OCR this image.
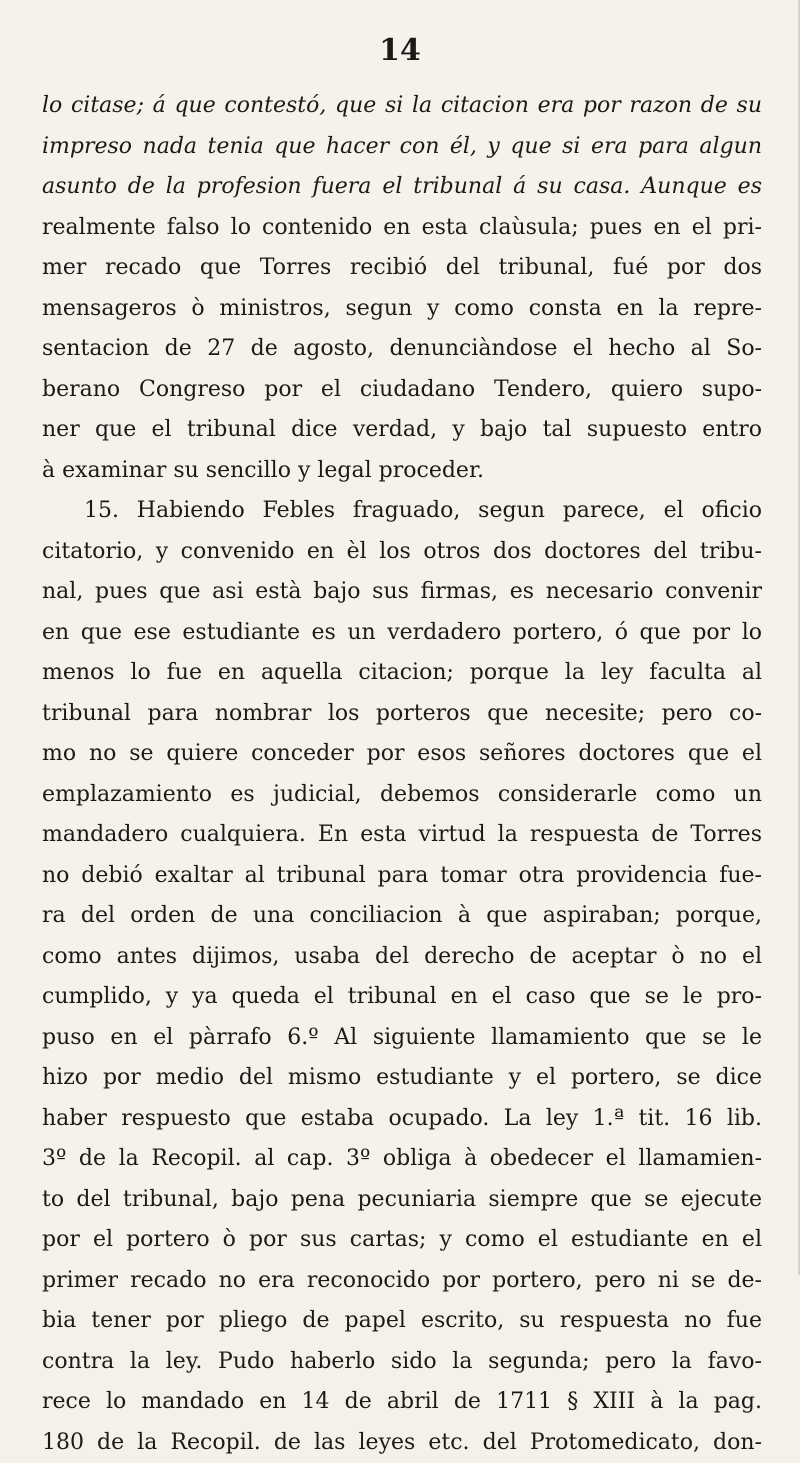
14
lo citase; á que contestó, que si la citacion era por razon de su
impreso nada tenia que hacer con él, y que si era para algun
asunto de la profesion fuera el tribunal á su casa. Aunque es
realmente falso lo contenido en esta claùsula; pues en el pri-
mer recado que Torres recibió del tribunal, fué por dos
mensageros ò ministros, segun y como consta en la repre-
sentacion de 27 de agosto, denunciàndose el hecho al So-
berano Congreso por el ciudadano Tendero, quiero supo-
ner que el tribunal dice verdad, y bajo tal supuesto entro
à examinar su sencillo y legal proceder.
15. Habiendo Febles fraguado, segun parece, el oficio
citatorio, y convenido en èl los otros dos doctores del tribu-
nal, pues que asi està bajo sus firmas, es necesario convenir
en que ese estudiante es un verdadero portero, ó que por lo
menos lo fue en aquella citacion; porque la ley faculta al
tribunal para nombrar los porteros que necesite; pero co-
mo no se quiere conceder por esos señores doctores que el
emplazamiento es judicial, debemos considerarle como un
mandadero cualquiera. En esta virtud la respuesta de Torres
no debió exaltar al tribunal para tomar otra providencia fue-
ra del orden de una conciliacion à que aspiraban; porque,
como antes dijimos, usaba del derecho de aceptar ò no el
cumplido, y ya queda el tribunal en el caso que se le pro-
puso en el pàrrafo 6.º Al siguiente llamamiento que se le
hizo por medio del mismo estudiante y el portero, se dice
haber respuesto que estaba ocupado. La ley 1.ª tit. 16 lib.
3º de la Recopil. al cap. 3º obliga à obedecer el llamamien-
to del tribunal, bajo pena pecuniaria siempre que se ejecute
por el portero ò por sus cartas; y como el estudiante en el
primer recado no era reconocido por portero, pero ni se de-
bia tener por pliego de papel escrito, su respuesta no fue
contra la ley. Pudo haberlo sido la segunda; pero la favo-
rece lo mandado en 14 de abril de 1711 § XIII à la pag.
180 de la Recopil. de las leyes etc. del Protomedicato, don-
